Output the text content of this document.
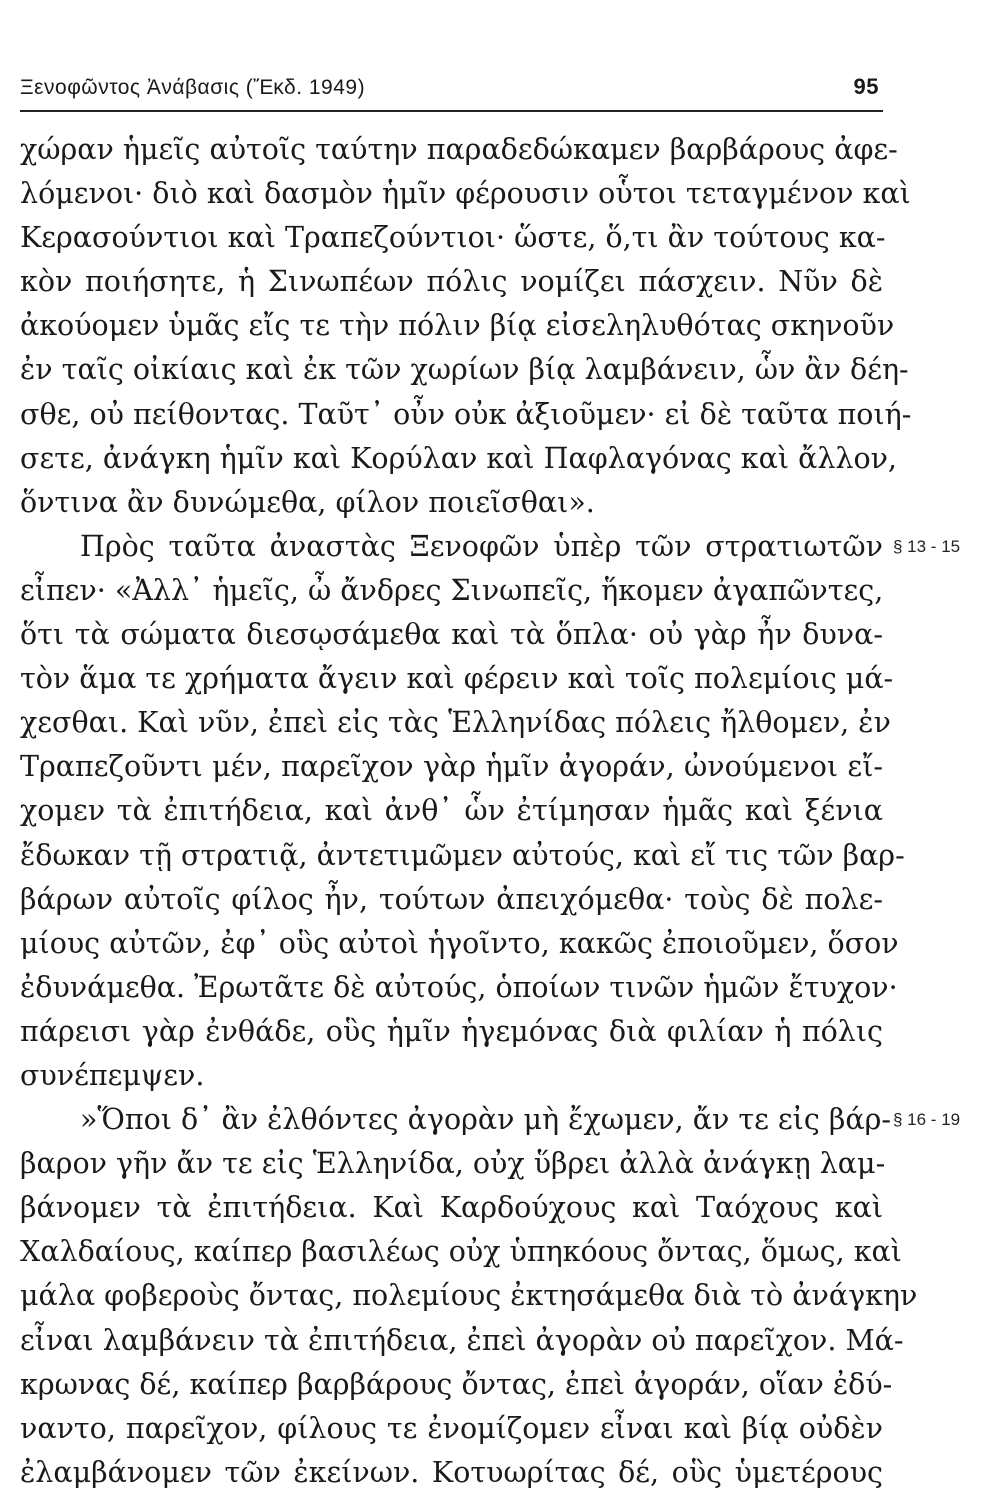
Ξενοφῶντος Ἀνάβασις (Ἔκδ. 1949)	95
χώραν ἡμεῖς αὐτοῖς ταύτην παραδεδώκαμεν βαρβάρους ἀφε-
λόμενοι· διὸ καὶ δασμὸν ἡμῖν φέρουσιν οὗτοι τεταγμένον καὶ
Κερασούντιοι καὶ Τραπεζούντιοι· ὥστε, ὅ,τι ἂν τούτους κα-
κὸν ποιήσητε, ἡ Σινωπέων πόλις νομίζει πάσχειν. Νῦν δὲ
ἀκούομεν ὑμᾶς εἴς τε τὴν πόλιν βίᾳ εἰσεληλυθότας σκηνοῦν
ἐν ταῖς οἰκίαις καὶ ἐκ τῶν χωρίων βίᾳ λαμβάνειν, ὧν ἂν δέη-
σθε, οὐ πείθοντας. Ταῦτ᾽ οὖν οὐκ ἀξιοῦμεν· εἰ δὲ ταῦτα ποιή-
σετε, ἀνάγκη ἡμῖν καὶ Κορύλαν καὶ Παφλαγόνας καὶ ἄλλον,
ὅντινα ἂν δυνώμεθα, φίλον ποιεῖσθαι».
Πρὸς ταῦτα ἀναστὰς Ξενοφῶν ὑπὲρ τῶν στρατιωτῶν
εἶπεν· «Ἀλλ᾽ ἡμεῖς, ὦ ἄνδρες Σινωπεῖς, ἥκομεν ἀγαπῶντες,
ὅτι τὰ σώματα διεσῳσάμεθα καὶ τὰ ὅπλα· οὐ γὰρ ἦν δυνα-
τὸν ἅμα τε χρήματα ἄγειν καὶ φέρειν καὶ τοῖς πολεμίοις μά-
χεσθαι. Καὶ νῦν, ἐπεὶ εἰς τὰς Ἑλληνίδας πόλεις ἤλθομεν, ἐν
Τραπεζοῦντι μέν, παρεῖχον γὰρ ἡμῖν ἀγοράν, ὠνούμενοι εἴ-
χομεν τὰ ἐπιτήδεια, καὶ ἀνθ᾽ ὧν ἐτίμησαν ἡμᾶς καὶ ξένια
ἔδωκαν τῇ στρατιᾷ, ἀντετιμῶμεν αὐτούς, καὶ εἴ τις τῶν βαρ-
βάρων αὐτοῖς φίλος ἦν, τούτων ἀπειχόμεθα· τοὺς δὲ πολε-
μίους αὐτῶν, ἐφ᾽ οὓς αὐτοὶ ἡγοῖντο, κακῶς ἐποιοῦμεν, ὅσον
ἐδυνάμεθα. Ἐρωτᾶτε δὲ αὐτούς, ὁποίων τινῶν ἡμῶν ἔτυχον·
πάρεισι γὰρ ἐνθάδε, οὓς ἡμῖν ἡγεμόνας διὰ φιλίαν ἡ πόλις
συνέπεμψεν.
»Ὅποι δ᾽ ἂν ἐλθόντες ἀγορὰν μὴ ἔχωμεν, ἄν τε εἰς βάρ-
βαρον γῆν ἄν τε εἰς Ἑλληνίδα, οὐχ ὕβρει ἀλλὰ ἀνάγκῃ λαμ-
βάνομεν τὰ ἐπιτήδεια. Καὶ Καρδούχους καὶ Ταόχους καὶ
Χαλδαίους, καίπερ βασιλέως οὐχ ὑπηκόους ὄντας, ὅμως, καὶ
μάλα φοβεροὺς ὄντας, πολεμίους ἐκτησάμεθα διὰ τὸ ἀνάγκην
εἶναι λαμβάνειν τὰ ἐπιτήδεια, ἐπεὶ ἀγορὰν οὐ παρεῖχον. Μά-
κρωνας δέ, καίπερ βαρβάρους ὄντας, ἐπεὶ ἀγοράν, οἵαν ἐδύ-
ναντο, παρεῖχον, φίλους τε ἐνομίζομεν εἶναι καὶ βίᾳ οὐδὲν
ἐλαμβάνομεν τῶν ἐκείνων. Κοτυωρίτας δέ, οὓς ὑμετέρους
§ 13 - 15
§ 16 - 19
